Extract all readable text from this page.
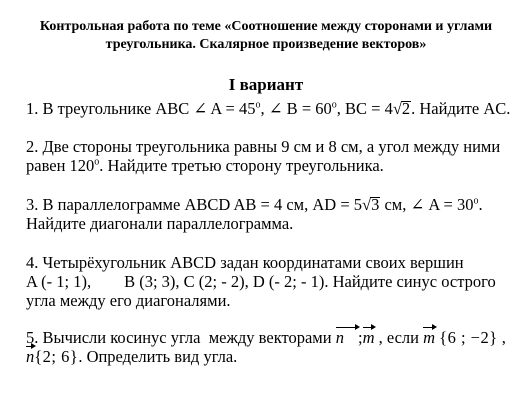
Контрольная работа по теме «Соотношение между сторонами и углами
треугольника. Скалярное произведение векторов»
I вариант

1. В треугольнике ABC ∠ $A = 45^о$, ∠ $B = 60^о$, BC = 4√2. Найдите AC.

2. Две стороны треугольника равны 9 см и 8 см, а угол между ними

равен $120^о$. Найдите третью сторону треугольника.

3. В параллелограмме ABCD AB = 4 см, AD = 5√3 см, ∠ $A = 30^о$.

Найдите диагонали параллелограмма.

4. Четырёхугольник ABCD задан координатами своих вершин

A (- 1; 1),        B (3; 3), C (2; - 2), D (- 2; - 1). Найдите синус острого

угла между его диагоналями.

5. Вычисли косинус угла  между векторами n ;m , если m {6 ; −2} ,

n{2; 6}. Определить вид угла.
